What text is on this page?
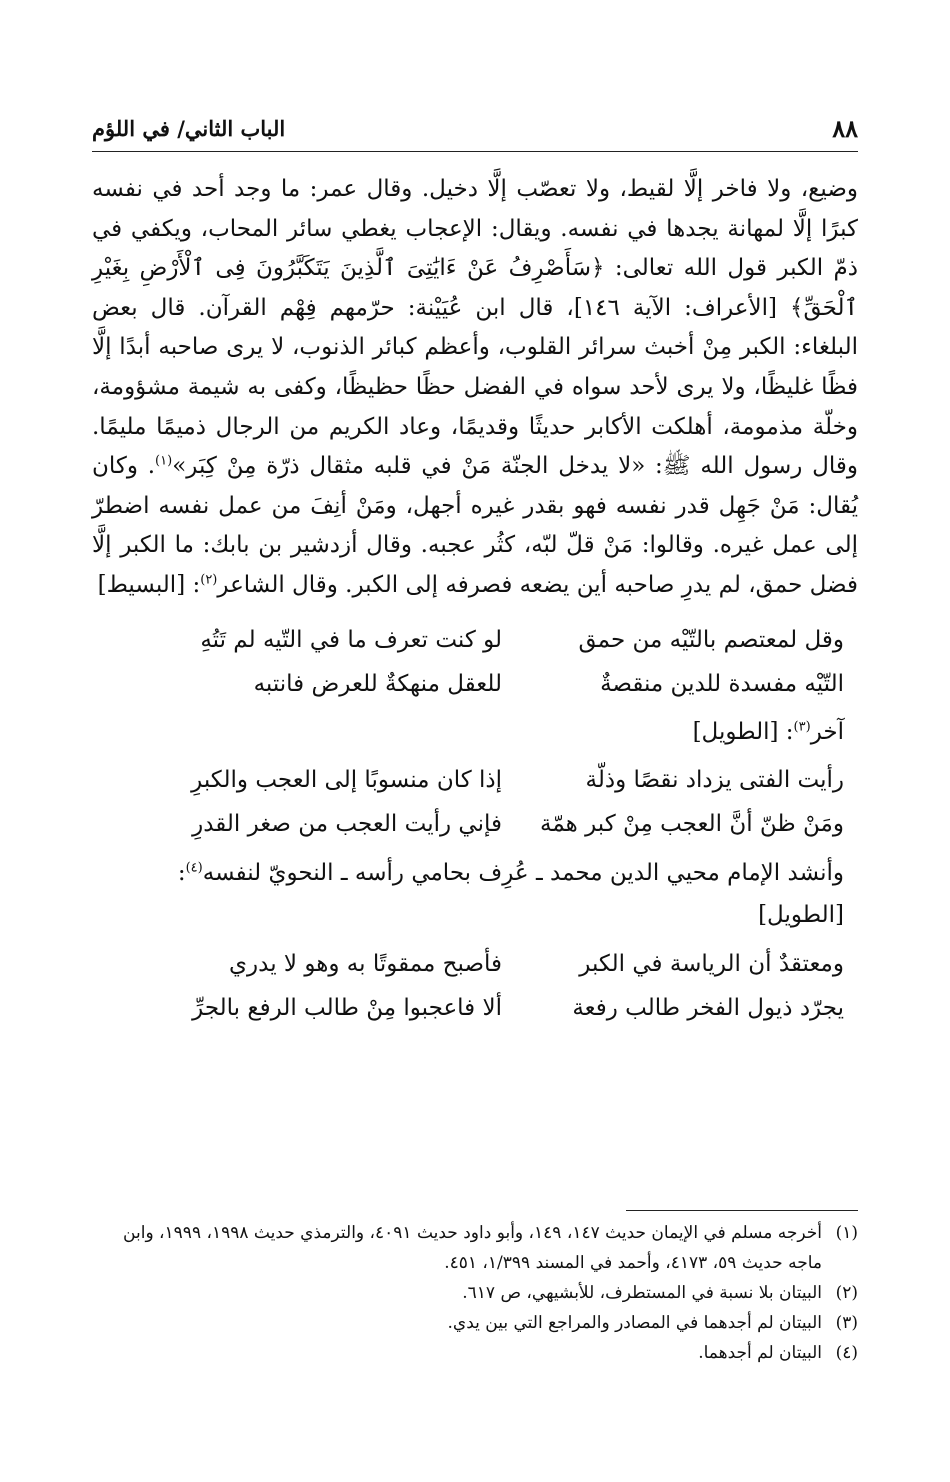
٨٨
الباب الثاني/ في اللؤم

وضيع، ولا فاخر إلَّا لقيط، ولا تعصّب إلَّا دخيل. وقال عمر: ما وجد أحد في نفسه كبرًا إلَّا لمهانة يجدها في نفسه. ويقال: الإعجاب يغطي سائر المحاب، ويكفي في ذمّ الكبر قول الله تعالى: ﴿سَأَصْرِفُ عَنْ ءَايَٰتِىَ ٱلَّذِينَ يَتَكَبَّرُونَ فِى ٱلْأَرْضِ بِغَيْرِ ٱلْحَقِّ﴾ [الأعراف: الآية ١٤٦]، قال ابن عُيَيْنة: حرّمهم فِهْم القرآن. قال بعض البلغاء: الكبر مِنْ أخبث سرائر القلوب، وأعظم كبائر الذنوب، لا يرى صاحبه أبدًا إلَّا فظًا غليظًا، ولا يرى لأحد سواه في الفضل حظًا حظيظًا، وكفى به شيمة مشؤومة، وخلّة مذمومة، أهلكت الأكابر حديثًا وقديمًا، وعاد الكريم من الرجال ذميمًا مليمًا. وقال رسول الله ﷺ: «لا يدخل الجنّة مَنْ في قلبه مثقال ذرّة مِنْ كِبَر»$^{(١)}$. وكان يُقال: مَنْ جَهِل قدر نفسه فهو بقدر غيره أجهل، ومَنْ أنِفَ من عمل نفسه اضطرّ إلى عمل غيره. وقالوا: مَنْ قلّ لبّه، كثُر عجبه. وقال أزدشير بن بابك: ما الكبر إلَّا فضل حمق، لم يدرِ صاحبه أين يضعه فصرفه إلى الكبر. وقال الشاعر$^{(٢)}$: [البسيط]

وقل لمعتصم بالتّيْه من حمق
لو كنت تعرف ما في التّيه لم تَتُهِ
التّيْه مفسدة للدين منقصةٌ
للعقل منهكةٌ للعرض فانتبه
آخر$^{(٣)}$: [الطويل]
رأيت الفتى يزداد نقصًا وذلّة
إذا كان منسوبًا إلى العجب والكبرِ
ومَنْ ظنّ أنَّ العجب مِنْ كبر همّة
فإني رأيت العجب من صغر القدرِ

وأنشد الإمام محيي الدين محمد ـ عُرِف بحامي رأسه ـ النحويّ لنفسه$^{(٤)}$: [الطويل]

ومعتقدٌ أن الرياسة في الكبر
فأصبح ممقوتًا به وهو لا يدري
يجرّد ذيول الفخر طالب رفعة
ألا فاعجبوا مِنْ طالب الرفع بالجرِّ
(١)
أخرجه مسلم في الإيمان حديث ١٤٧، ١٤٩، وأبو داود حديث ٤٠٩١، والترمذي حديث ١٩٩٨، ١٩٩٩، وابن ماجه حديث ٥٩، ٤١٧٣، وأحمد في المسند ١/٣٩٩، ٤٥١.
(٢)
البيتان بلا نسبة في المستطرف، للأبشيهي، ص ٦١٧.
(٣)
البيتان لم أجدهما في المصادر والمراجع التي بين يدي.
(٤)
البيتان لم أجدهما.
